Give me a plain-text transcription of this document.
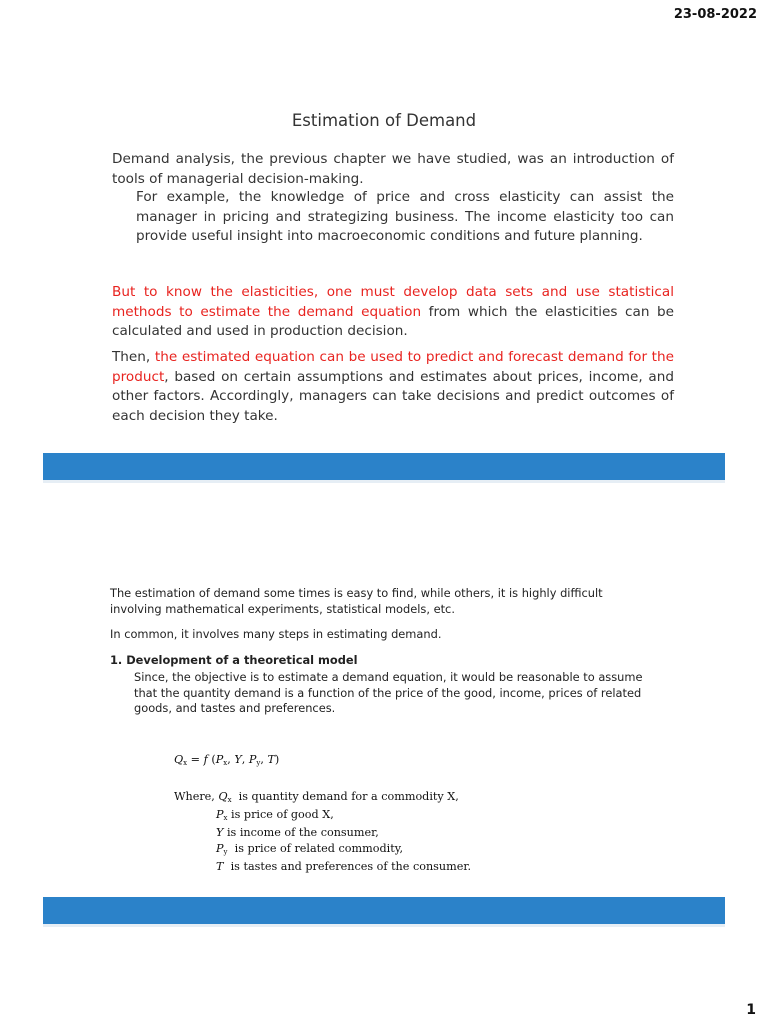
23-08-2022
Estimation of Demand
Demand analysis, the previous chapter we have studied, was an introduction of tools of managerial decision-making.
For example, the knowledge of price and cross elasticity can assist the manager in pricing and strategizing business. The income elasticity too can provide useful insight into macroeconomic conditions and future planning.
But to know the elasticities, one must develop data sets and use statistical methods to estimate the demand equation from which the elasticities can be calculated and used in production decision.
Then, the estimated equation can be used to predict and forecast demand for the product, based on certain assumptions and estimates about prices, income, and other factors. Accordingly, managers can take decisions and predict outcomes of each decision they take.
The estimation of demand some times is easy to find, while others, it is highly difficult involving mathematical experiments, statistical models, etc.
In common, it involves many steps in estimating demand.
1. Development of a theoretical model
Since, the objective is to estimate a demand equation, it would be reasonable to assume that the quantity demand is a function of the price of the good, income, prices of related goods, and tastes and preferences.
$Q_x = f$ ($P_x$, Y, $P_y$, T)
Where, $Q_x$ is quantity demand for a commodity X,
$P_x$ is price of good X,
Y is income of the consumer,
$P_y$ is price of related commodity,
T is tastes and preferences of the consumer.
1
